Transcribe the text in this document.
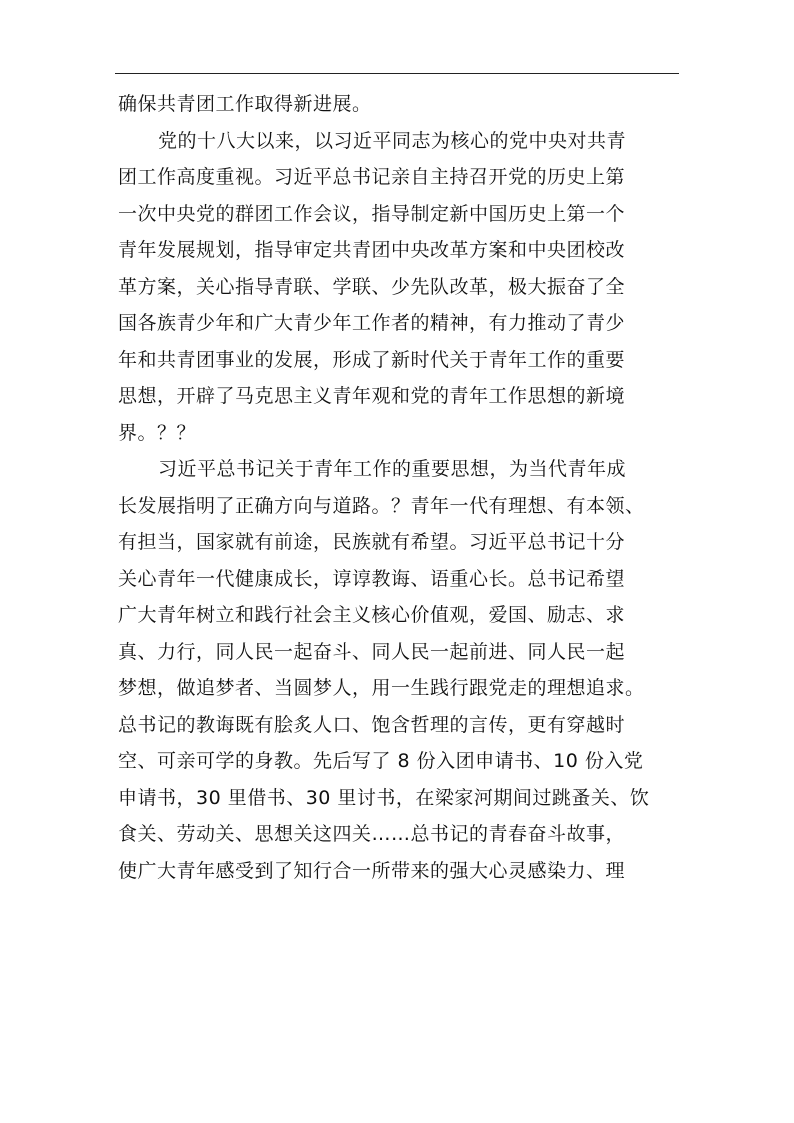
确保共青团工作取得新进展。
党的十八大以来，以习近平同志为核心的党中央对共青
团工作高度重视。习近平总书记亲自主持召开党的历史上第
一次中央党的群团工作会议，指导制定新中国历史上第一个
青年发展规划，指导审定共青团中央改革方案和中央团校改
革方案，关心指导青联、学联、少先队改革，极大振奋了全
国各族青少年和广大青少年工作者的精神，有力推动了青少
年和共青团事业的发展，形成了新时代关于青年工作的重要
思想，开辟了马克思主义青年观和党的青年工作思想的新境
界。？？
习近平总书记关于青年工作的重要思想，为当代青年成
长发展指明了正确方向与道路。？青年一代有理想、有本领、
有担当，国家就有前途，民族就有希望。习近平总书记十分
关心青年一代健康成长，谆谆教诲、语重心长。总书记希望
广大青年树立和践行社会主义核心价值观，爱国、励志、求
真、力行，同人民一起奋斗、同人民一起前进、同人民一起
梦想，做追梦者、当圆梦人，用一生践行跟党走的理想追求。
总书记的教诲既有脍炙人口、饱含哲理的言传，更有穿越时
空、可亲可学的身教。先后写了 8 份入团申请书、10 份入党
申请书，30 里借书、30 里讨书，在梁家河期间过跳蚤关、饮
食关、劳动关、思想关这四关……总书记的青春奋斗故事，
使广大青年感受到了知行合一所带来的强大心灵感染力、理
